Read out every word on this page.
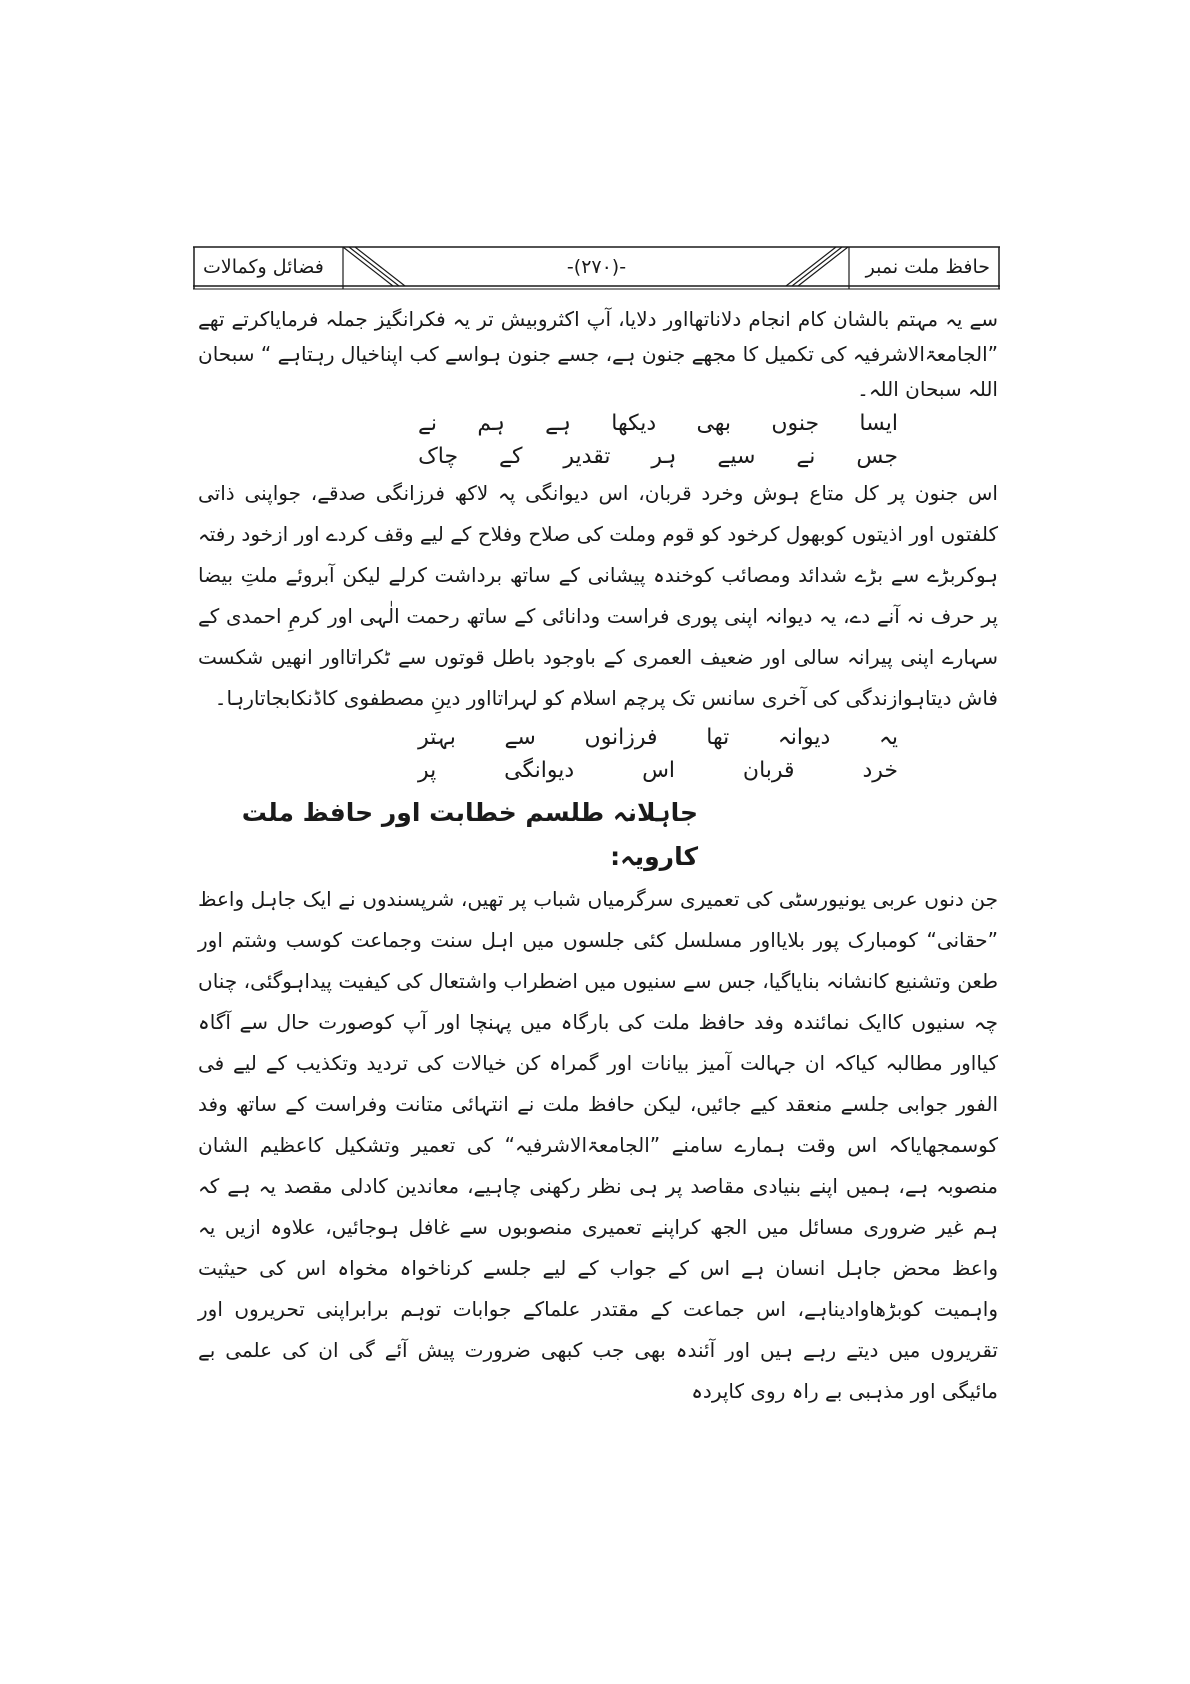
حافظ ملت نمبر
-(۲۷۰)-
فضائل وکمالات

سے یہ مہتم بالشان کام انجام دلاناتھااور دلایا، آپ اکثروبیش تر یہ فکرانگیز جملہ فرمایاکرتے تھے ”الجامعۃالاشرفیہ کی تکمیل کا مجھے جنون ہے، جسے جنون ہواسے کب اپناخیال رہتاہے “ سبحان اللہ سبحان اللہ۔

ایسا
جنوں
بھی
دیکھا
ہے
ہم
نے
جس
نے
سیے
ہر
تقدیر
کے
چاک

اس جنون پر کل متاع ہوش وخرد قربان، اس دیوانگی پہ لاکھ فرزانگی صدقے، جواپنی ذاتی کلفتوں اور اذیتوں کوبھول کرخود کو قوم وملت کی صلاح وفلاح کے لیے وقف کردے اور ازخود رفتہ ہوکربڑے سے بڑے شدائد ومصائب کوخندہ پیشانی کے ساتھ برداشت کرلے لیکن آبروئے ملتِ بیضا پر حرف نہ آنے دے، یہ دیوانہ اپنی پوری فراست ودانائی کے ساتھ رحمت الٰہی اور کرمِ احمدی کے سہارے اپنی پیرانہ سالی اور ضعیف العمری کے باوجود باطل قوتوں سے ٹکراتااور انھیں شکست فاش دیتاہوازندگی کی آخری سانس تک پرچم اسلام کو لہراتااور دینِ مصطفوی کاڈنکابجاتارہا۔

یہ
دیوانہ
تھا
فرزانوں
سے
بہتر
خرد
قربان
اس
دیوانگی
پر
جاہلانہ طلسم خطابت اور حافظ ملت کارویہ:

جن دنوں عربی یونیورسٹی کی تعمیری سرگرمیاں شباب پر تھیں، شرپسندوں نے ایک جاہل واعظ ”حقانی“ کومبارک پور بلایااور مسلسل کئی جلسوں میں اہل سنت وجماعت کوسب وشتم اور طعن وتشنیع کانشانہ بنایاگیا، جس سے سنیوں میں اضطراب واشتعال کی کیفیت پیداہوگئی، چناں چہ سنیوں کاایک نمائندہ وفد حافظ ملت کی بارگاہ میں پہنچا اور آپ کوصورت حال سے آگاہ کیااور مطالبہ کیاکہ ان جہالت آمیز بیانات اور گمراہ کن خیالات کی تردید وتکذیب کے لیے فی الفور جوابی جلسے منعقد کیے جائیں، لیکن حافظ ملت نے انتہائی متانت وفراست کے ساتھ وفد کوسمجھایاکہ اس وقت ہمارے سامنے ”الجامعۃالاشرفیہ“ کی تعمیر وتشکیل کاعظیم الشان منصوبہ ہے، ہمیں اپنے بنیادی مقاصد پر ہی نظر رکھنی چاہیے، معاندین کادلی مقصد یہ ہے کہ ہم غیر ضروری مسائل میں الجھ کراپنے تعمیری منصوبوں سے غافل ہوجائیں، علاوہ ازیں یہ واعظ محض جاہل انسان ہے اس کے جواب کے لیے جلسے کرناخواہ مخواہ اس کی حیثیت واہمیت کوبڑھاوادیناہے، اس جماعت کے مقتدر علماکے جوابات توہم برابراپنی تحریروں اور تقریروں میں دیتے رہے ہیں اور آئندہ بھی جب کبھی ضرورت پیش آئے گی ان کی علمی بے مائیگی اور مذہبی بے راہ روی کاپردہ
